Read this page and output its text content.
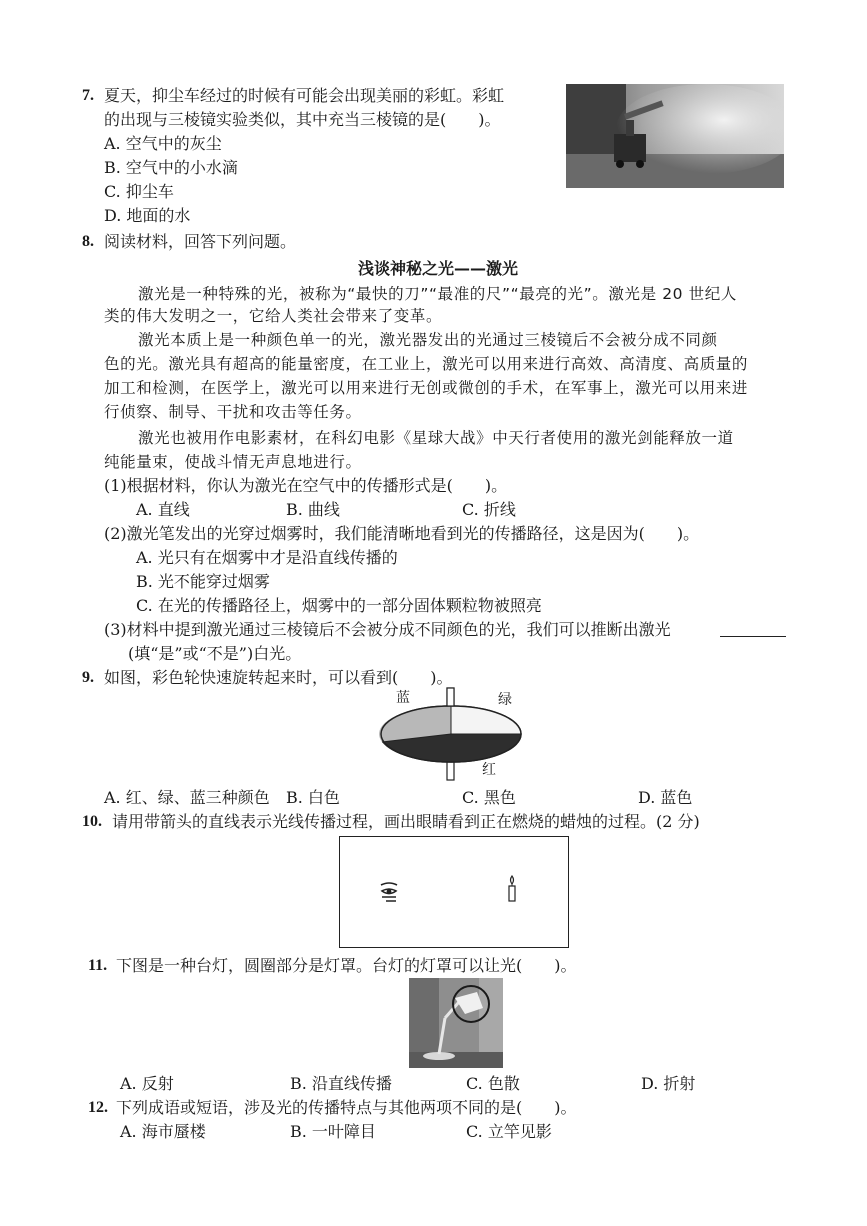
7. 夏天，抑尘车经过的时候有可能会出现美丽的彩虹。彩虹
的出现与三棱镜实验类似，其中充当三棱镜的是(　　)。
A. 空气中的灰尘
B. 空气中的小水滴
C. 抑尘车
D. 地面的水
8. 阅读材料，回答下列问题。
浅谈神秘之光——激光
激光是一种特殊的光，被称为“最快的刀”“最准的尺”“最亮的光”。激光是 20 世纪人
类的伟大发明之一，它给人类社会带来了变革。
激光本质上是一种颜色单一的光，激光器发出的光通过三棱镜后不会被分成不同颜
色的光。激光具有超高的能量密度，在工业上，激光可以用来进行高效、高清度、高质量的
加工和检测，在医学上，激光可以用来进行无创或微创的手术，在军事上，激光可以用来进
行侦察、制导、干扰和攻击等任务。
激光也被用作电影素材，在科幻电影《星球大战》中天行者使用的激光剑能释放一道
纯能量束，使战斗情无声息地进行。
(1)根据材料，你认为激光在空气中的传播形式是(　　)。
A. 直线	B. 曲线	C. 折线
(2)激光笔发出的光穿过烟雾时，我们能清晰地看到光的传播路径，这是因为(　　)。
A. 光只有在烟雾中才是沿直线传播的
B. 光不能穿过烟雾
C. 在光的传播路径上，烟雾中的一部分固体颗粒物被照亮
(3)材料中提到激光通过三棱镜后不会被分成不同颜色的光，我们可以推断出激光
(填“是”或“不是”)白光。
9. 如图，彩色轮快速旋转起来时，可以看到(　　)。
蓝	绿
红
A. 红、绿、蓝三种颜色 B. 白色	C. 黑色	D. 蓝色
10. 请用带箭头的直线表示光线传播过程，画出眼睛看到正在燃烧的蜡烛的过程。(2 分)
11. 下图是一种台灯，圆圈部分是灯罩。台灯的灯罩可以让光(　　)。
A. 反射	B. 沿直线传播	C. 色散	D. 折射
12. 下列成语或短语，涉及光的传播特点与其他两项不同的是(　　)。
A. 海市蜃楼	B. 一叶障目	C. 立竿见影
